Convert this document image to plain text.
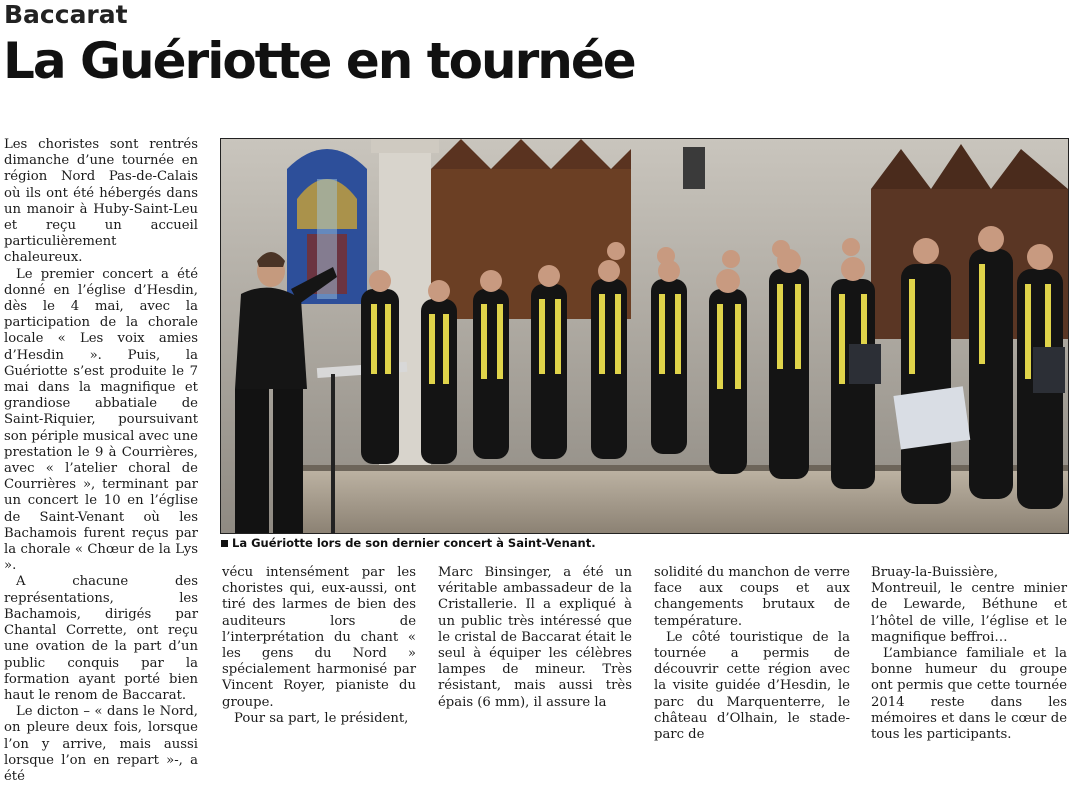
Baccarat
La Guériotte en tournée

Les choristes sont rentrés dimanche d’une tournée en région Nord Pas-de-Calais où ils ont été hébergés dans un manoir à Huby-Saint-Leu et reçu un accueil particulièrement chaleureux.

Le premier concert a été donné en l’église d’Hesdin, dès le 4 mai, avec la participation de la chorale locale « Les voix amies d’Hesdin ». Puis, la Guériotte s’est produite le 7 mai dans la magnifique et grandiose abbatiale de Saint-Riquier, poursuivant son périple musical avec une prestation le 9 à Courrières, avec « l’atelier choral de Courrières », terminant par un concert le 10 en l’église de Saint-Venant où les Bachamois furent reçus par la chorale « Chœur de la Lys ».

A chacune des représentations, les Bachamois, dirigés par Chantal Corrette, ont reçu une ovation de la part d’un public conquis par la formation ayant porté bien haut le renom de Baccarat.

Le dicton – « dans le Nord, on pleure deux fois, lorsque l’on y arrive, mais aussi lorsque l’on en repart »-, a été

La Guériotte lors de son dernier concert à Saint-Venant.

vécu intensément par les choristes qui, eux-aussi, ont tiré des larmes de bien des auditeurs lors de l’interprétation du chant « les gens du Nord » spécialement harmonisé par Vincent Royer, pianiste du groupe.

Pour sa part, le président,

Marc Binsinger, a été un véritable ambassadeur de la Cristallerie. Il a expliqué à un public très intéressé que le cristal de Baccarat était le seul à équiper les célèbres lampes de mineur. Très résistant, mais aussi très épais (6 mm), il assure la

solidité du manchon de verre face aux coups et aux changements brutaux de température.

Le côté touristique de la tournée a permis de découvrir cette région avec la visite guidée d’Hesdin, le parc du Marquenterre, le château d’Olhain, le stade-parc de

Bruay-la-Buissière, Montreuil, le centre minier de Lewarde, Béthune et l’hôtel de ville, l’église et le magnifique beffroi…

L’ambiance familiale et la bonne humeur du groupe ont permis que cette tournée 2014 reste dans les mémoires et dans le cœur de tous les participants.
